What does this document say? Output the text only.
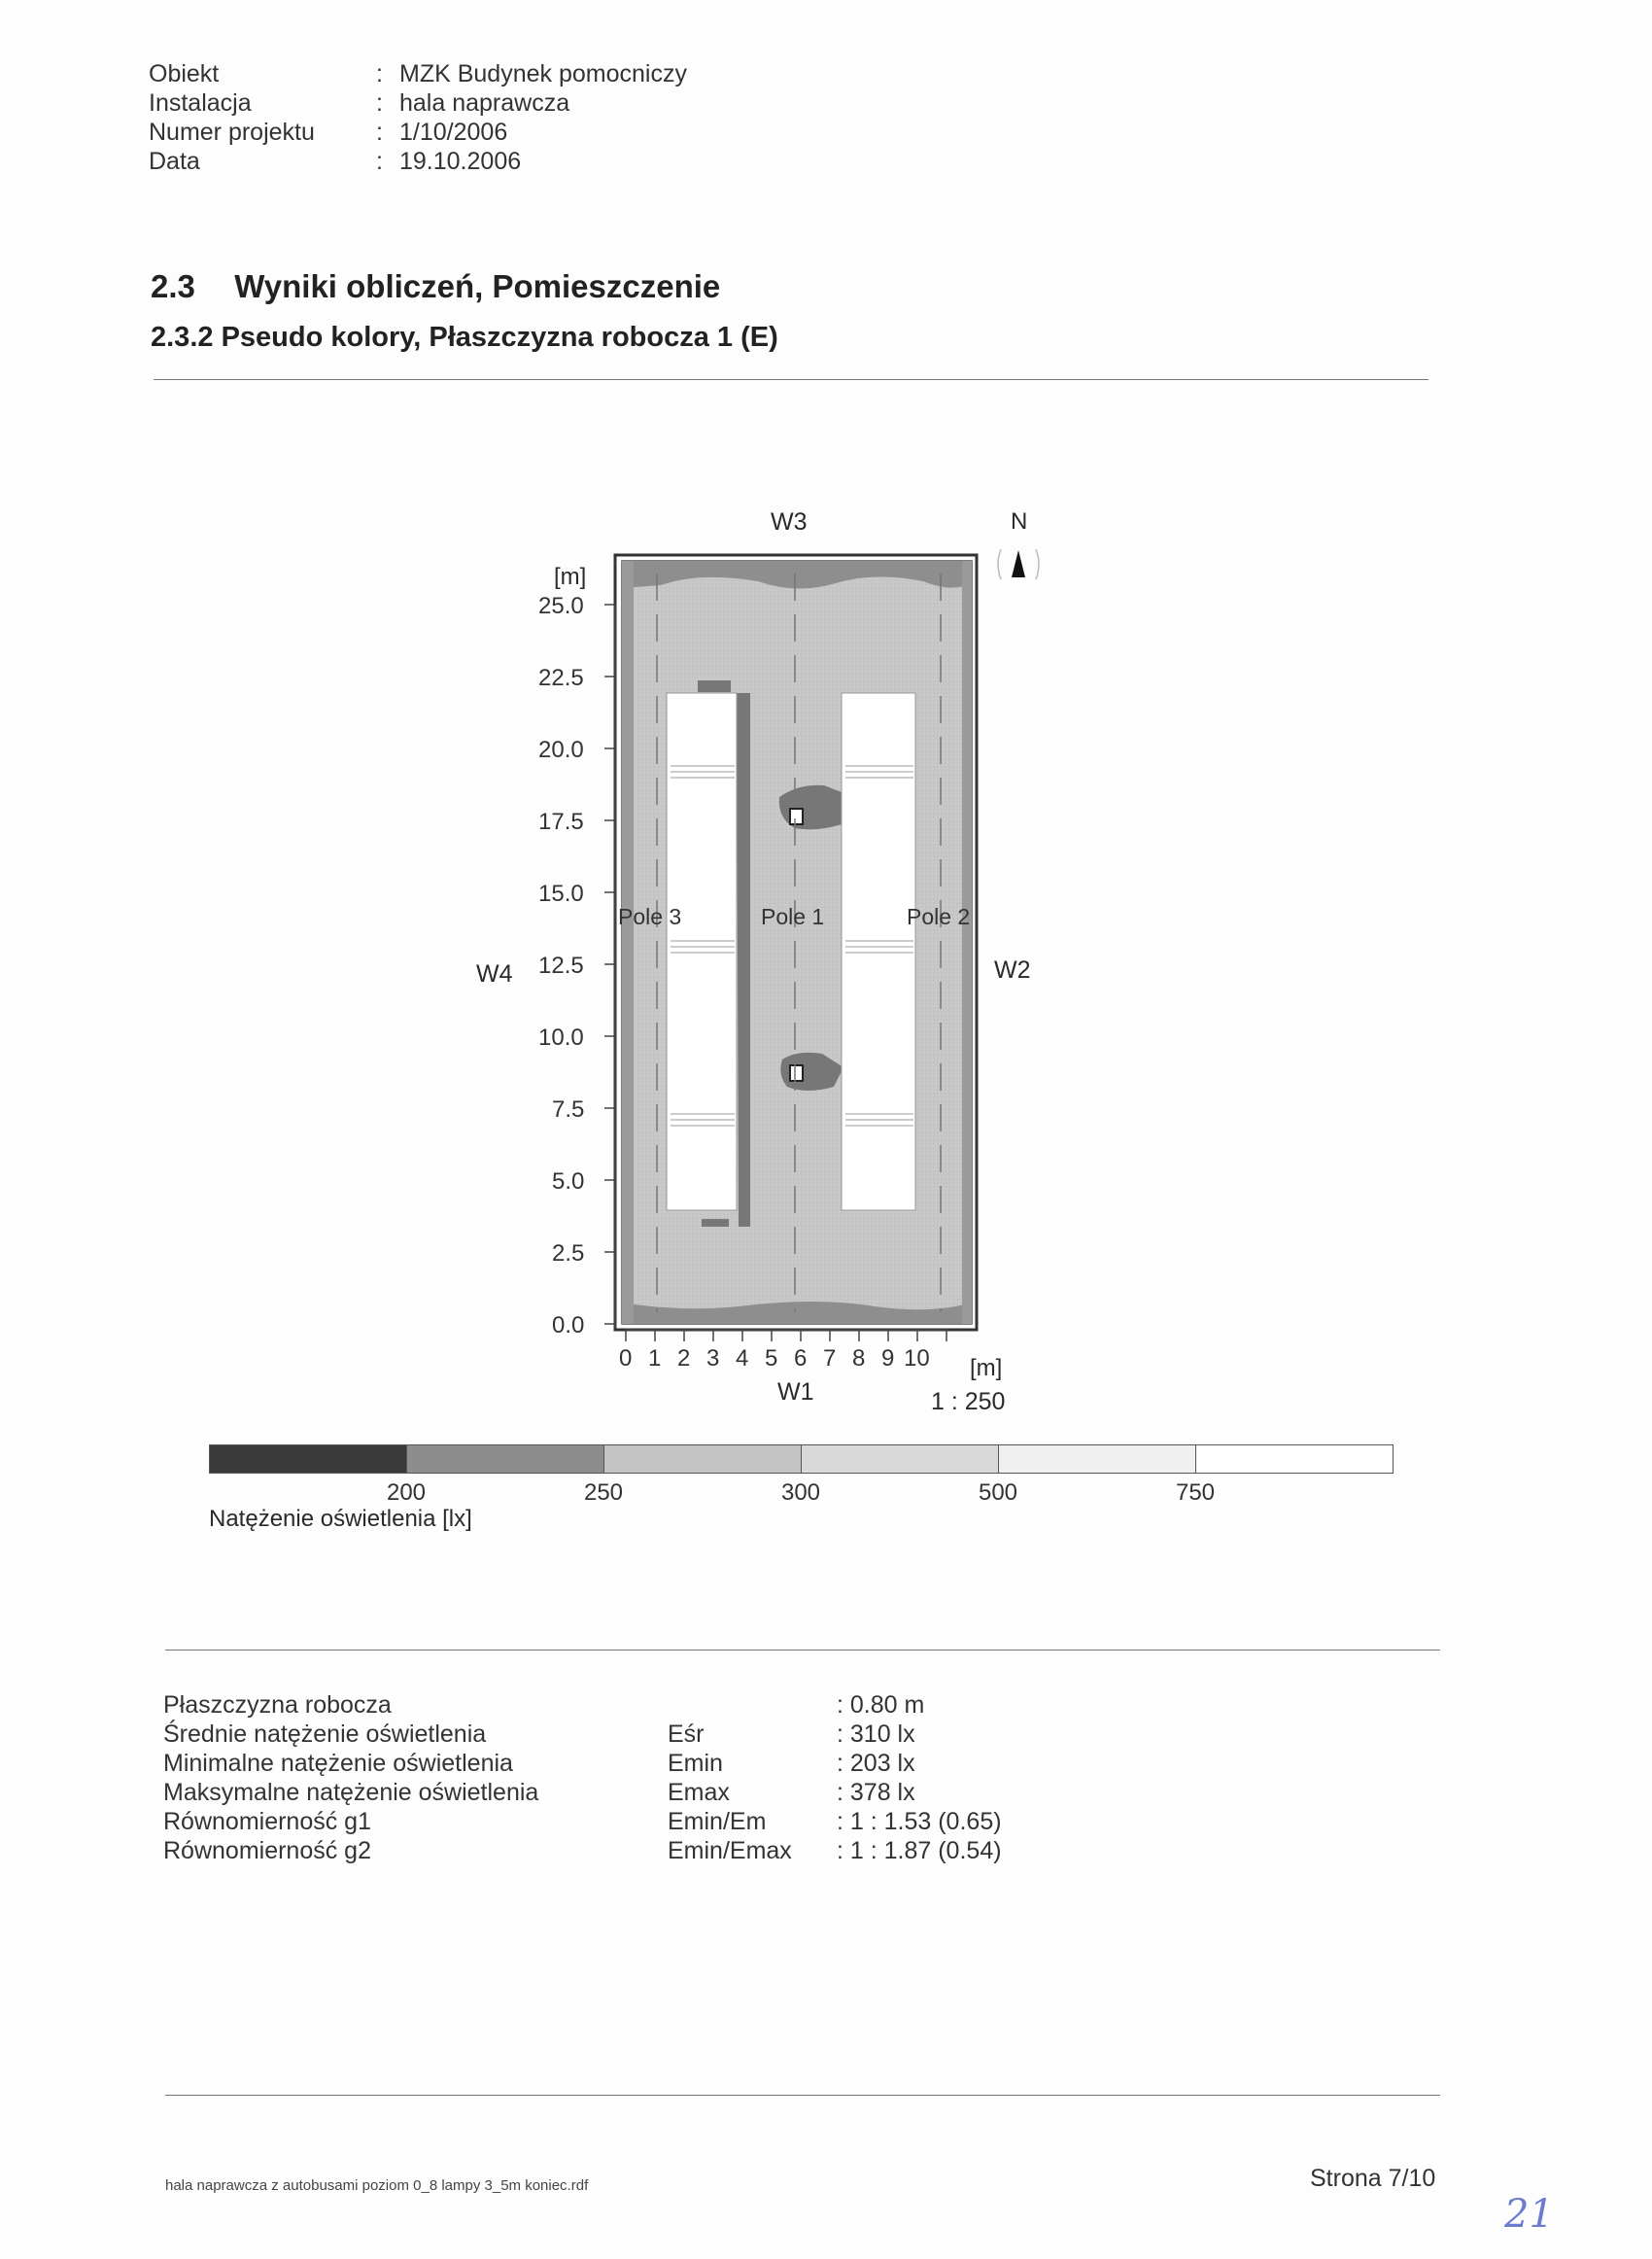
Obiekt	: MZK Budynek pomocniczy
Instalacja	: hala naprawcza
Numer projektu	: 1/10/2006
Data	: 19.10.2006
2.3 Wyniki obliczeń, Pomieszczenie
2.3.2 Pseudo kolory, Płaszczyzna robocza 1 (E)
W3	N
W4	W2
W1
[m]
[m]
1 : 250
25.0
22.5
20.0
17.5
15.0
12.5
10.0
7.5
5.0
2.5
0.0
0 1 2 3 4 5 6 7 8 9 10
Pole 3	Pole 1	Pole 2
200	250	300	500	750
Natężenie oświetlenia [lx]
Płaszczyzna robocza	: 0.80 m
Średnie natężenie oświetlenia	Eśr	: 310 lx
Minimalne natężenie oświetlenia	Emin	: 203 lx
Maksymalne natężenie oświetlenia	Emax	: 378 lx
Równomierność g1	Emin/Em	: 1 : 1.53 (0.65)
Równomierność g2	Emin/Emax : 1 : 1.87 (0.54)
hala naprawcza z autobusami poziom 0_8 lampy 3_5m koniec.rdf	Strona 7/10
21
